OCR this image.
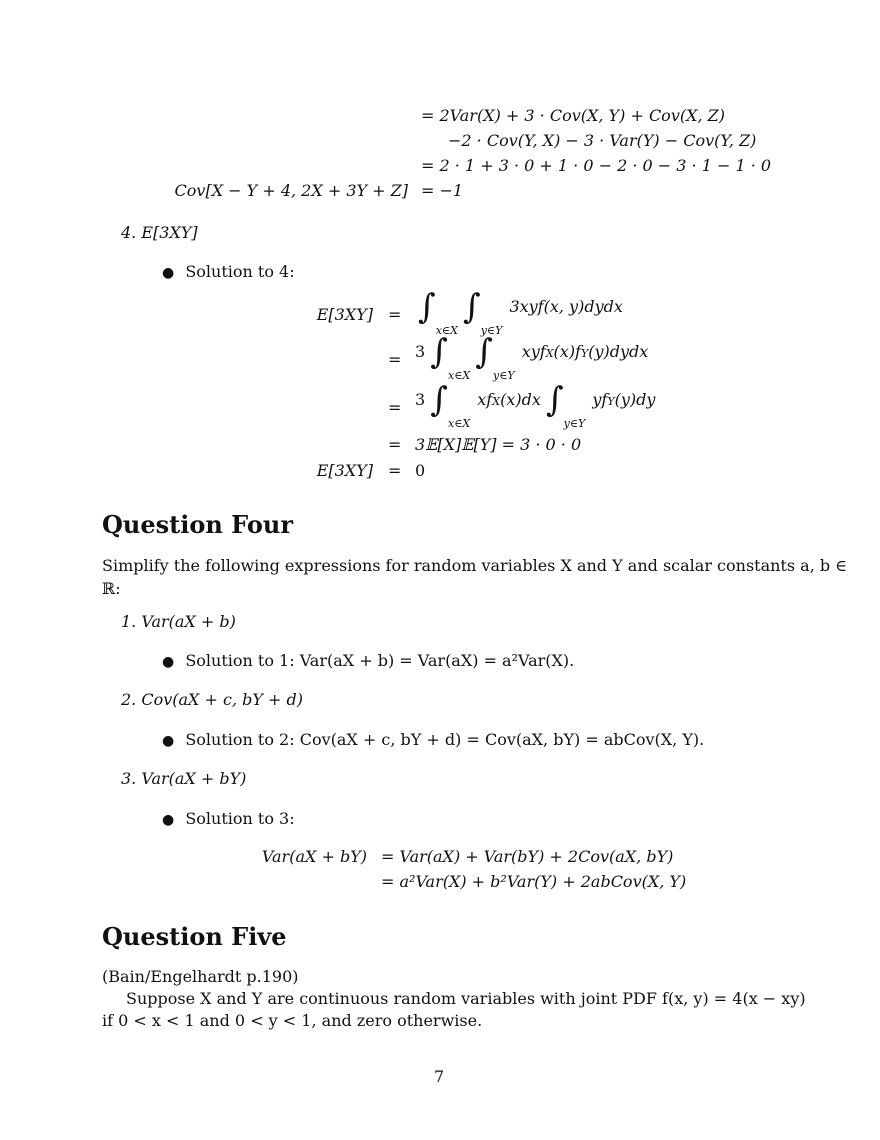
= 2Var(X) + 3 · Cov(X, Y) + Cov(X, Z)
−2 · Cov(Y, X) − 3 · Var(Y) − Cov(Y, Z)
= 2 · 1 + 3 · 0 + 1 · 0 − 2 · 0 − 3 · 1 − 1 · 0
Cov[X − Y + 4, 2X + 3Y + Z] = −1
4. E[3XY]
● Solution to 4:
$E[3XY] = \int_{x\in X}$ $\int_{y\in Y}$ 3xyf(x, y)dydx
= 3 $\int_{x\in X}$ $\int_{y\in Y}$ xyfX(x)fY(y)dydx
= 3 $\int_{x\in X}$ xfX(x)dx $\int_{y\in Y}$ yfY(y)dy
= 3𝔼[X]𝔼[Y] = 3 · 0 · 0
E[3XY] = 0
Question Four
Simplify the following expressions for random variables X and Y and scalar constants a, b ∈
ℝ:
1. Var(aX + b)
● Solution to 1: Var(aX + b) = Var(aX) = a²Var(X).
2. Cov(aX + c, bY + d)
● Solution to 2: Cov(aX + c, bY + d) = Cov(aX, bY) = abCov(X, Y).
3. Var(aX + bY)
● Solution to 3:
Var(aX + bY) = Var(aX) + Var(bY) + 2Cov(aX, bY)
= a²Var(X) + b²Var(Y) + 2abCov(X, Y)
Question Five
(Bain/Engelhardt p.190)
Suppose X and Y are continuous random variables with joint PDF f(x, y) = 4(x − xy)
if 0 < x < 1 and 0 < y < 1, and zero otherwise.
7
